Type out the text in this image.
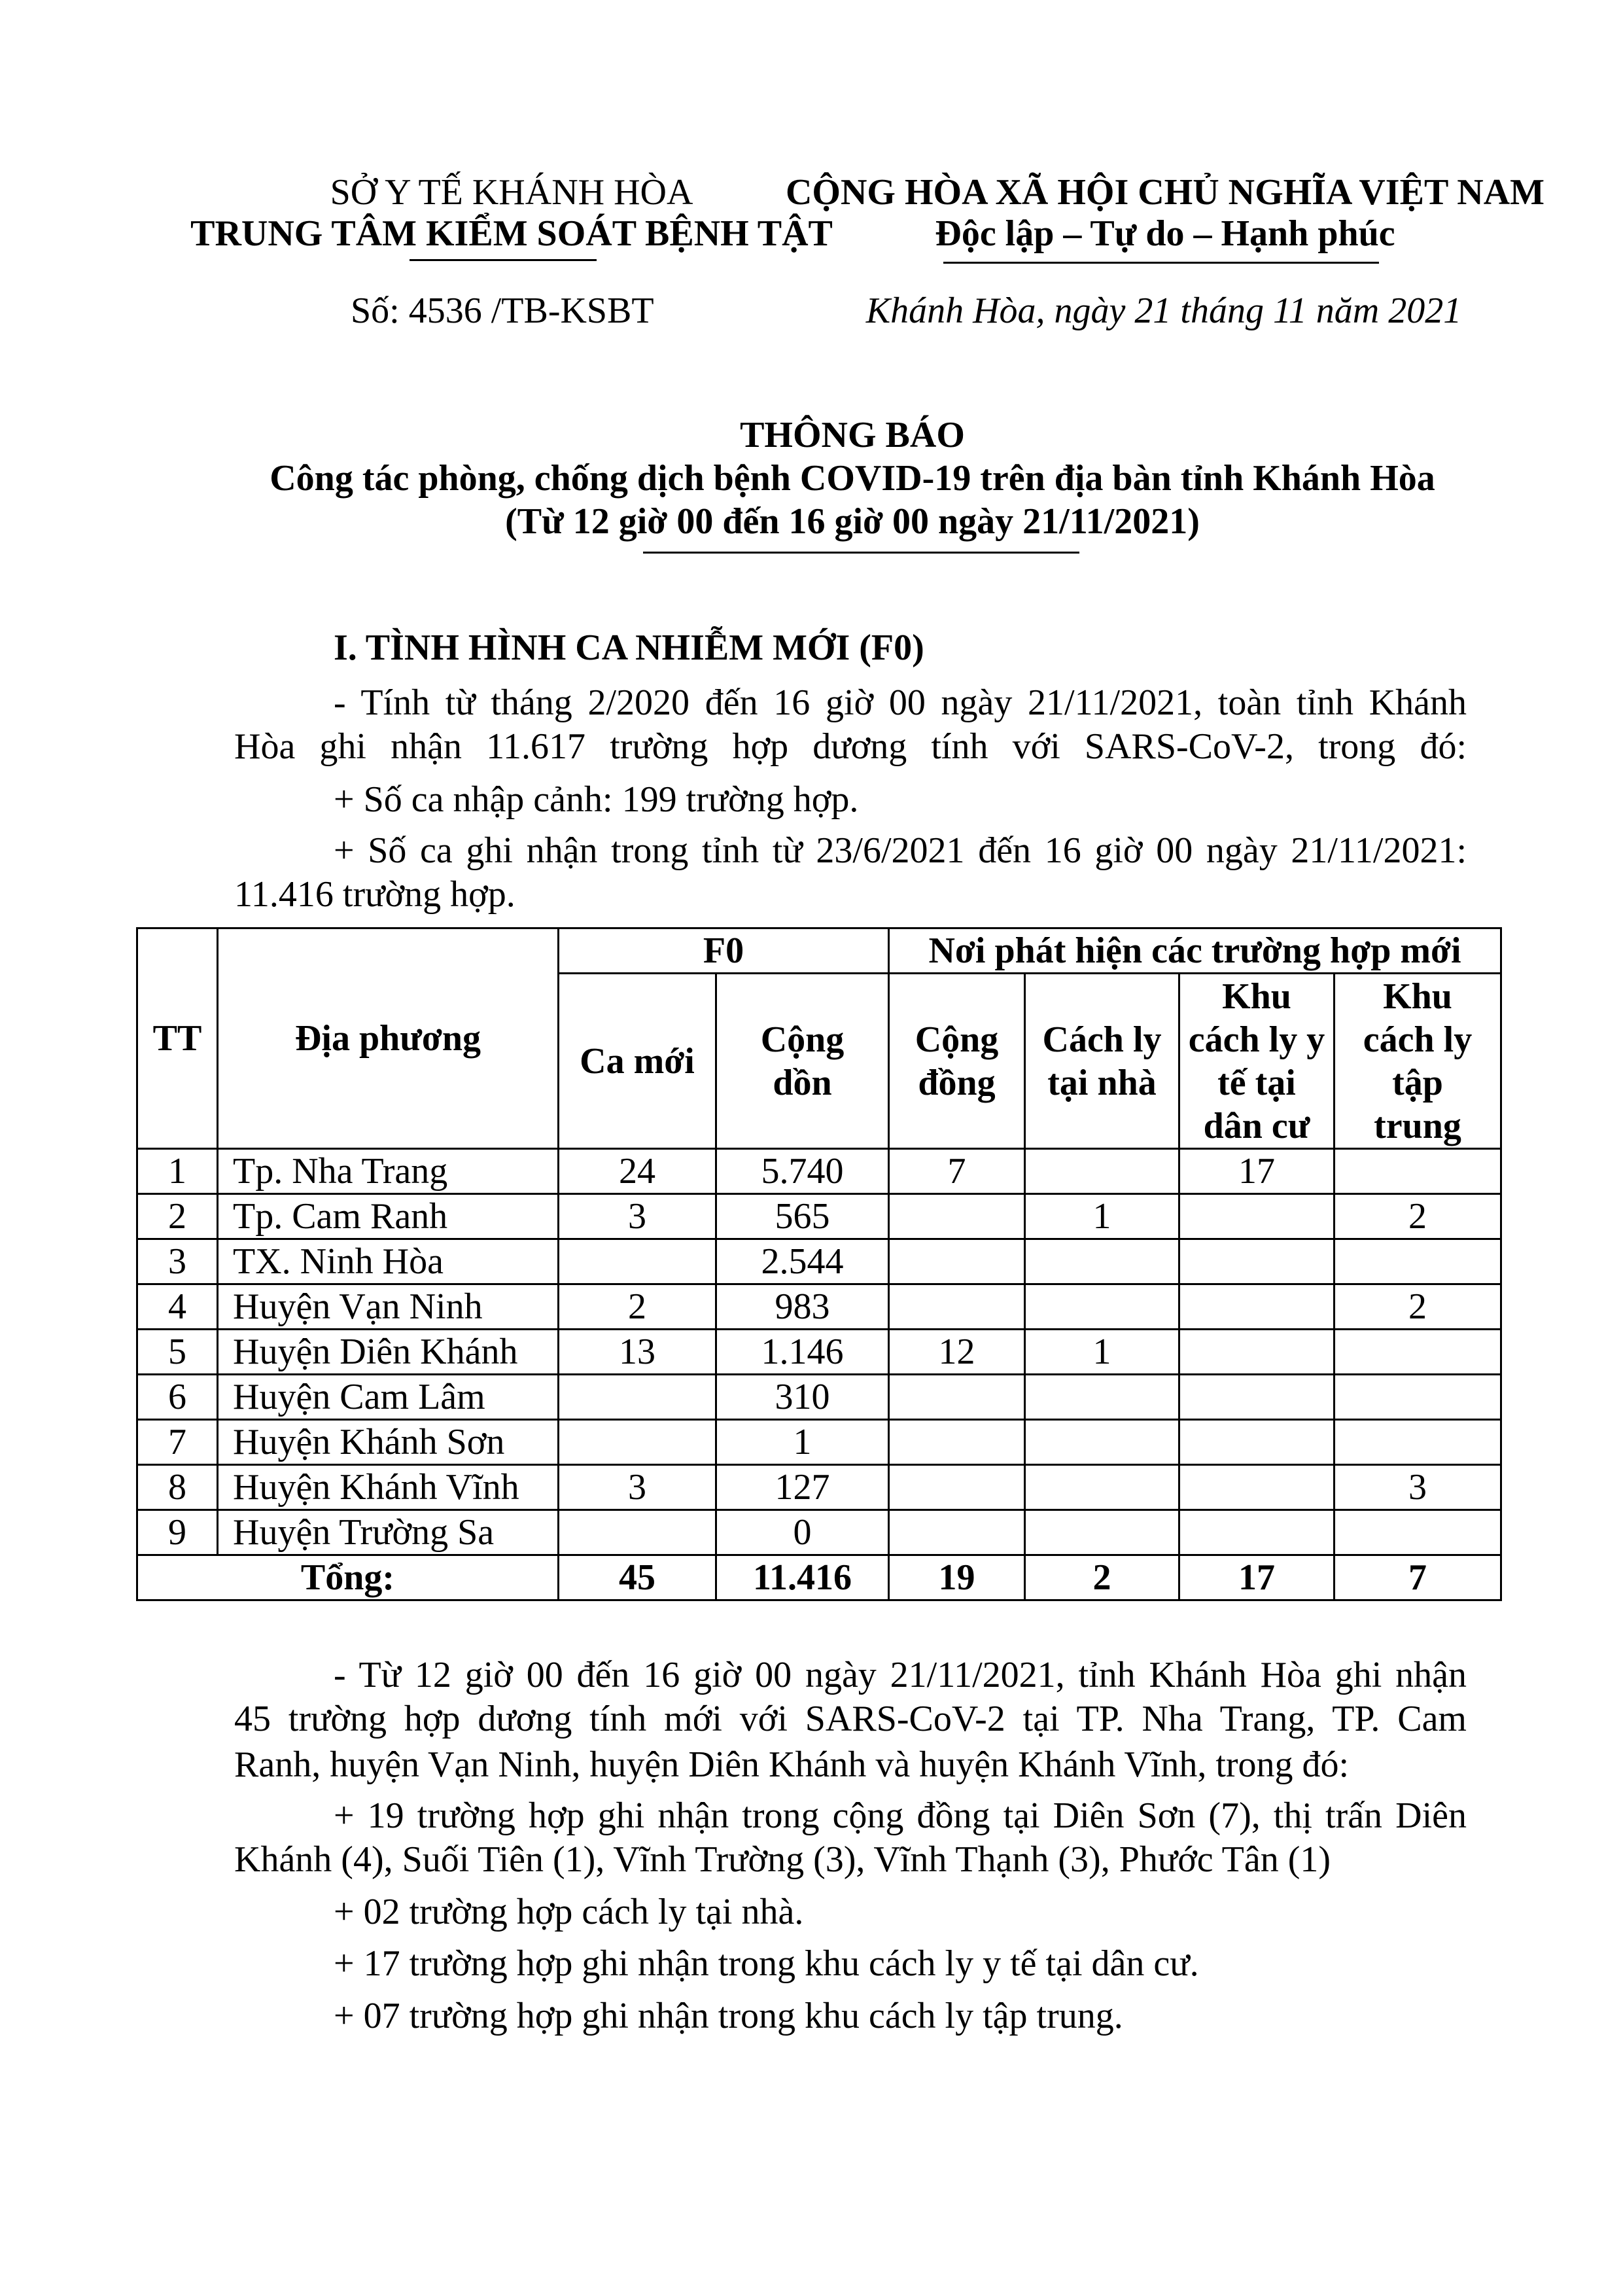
SỞ Y TẾ KHÁNH HÒA
TRUNG TÂM KIỂM SOÁT BỆNH TẬT
Số: 4536 /TB-KSBT
CỘNG HÒA XÃ HỘI CHỦ NGHĨA VIỆT NAM
Độc lập – Tự do – Hạnh phúc
Khánh Hòa, ngày 21 tháng 11 năm 2021
THÔNG BÁO
Công tác phòng, chống dịch bệnh COVID-19 trên địa bàn tỉnh Khánh Hòa
(Từ 12 giờ 00 đến 16 giờ 00 ngày 21/11/2021)
I. TÌNH HÌNH CA NHIỄM MỚI (F0)
- Tính từ tháng 2/2020 đến 16 giờ 00 ngày 21/11/2021, toàn tỉnh Khánh
Hòa ghi nhận 11.617 trường hợp dương tính với SARS-CoV-2, trong đó:
+ Số ca nhập cảnh: 199 trường hợp.
+ Số ca ghi nhận trong tỉnh từ 23/6/2021 đến 16 giờ 00 ngày 21/11/2021:
11.416 trường hợp.
TT	Địa phương	F0		Nơi phát hiện các trường hợp mới			
		Ca mới	Cộng dồn	Cộng đồng	Cách ly tại nhà	Khu cách ly y tế tại dân cư	Khu cách ly tập trung
1	Tp. Nha Trang	24	5.740	7		17	
2	Tp. Cam Ranh	3	565		1		2
3	TX. Ninh Hòa		2.544				
4	Huyện Vạn Ninh	2	983				2
5	Huyện Diên Khánh	13	1.146	12	1		
6	Huyện Cam Lâm		310				
7	Huyện Khánh Sơn		1				
8	Huyện Khánh Vĩnh	3	127				3
9	Huyện Trường Sa		0				
Tổng:		45	11.416	19	2	17	7
- Từ 12 giờ 00 đến 16 giờ 00 ngày 21/11/2021, tỉnh Khánh Hòa ghi nhận
45 trường hợp dương tính mới với SARS-CoV-2 tại TP. Nha Trang, TP. Cam
Ranh, huyện Vạn Ninh, huyện Diên Khánh và huyện Khánh Vĩnh, trong đó:
+ 19 trường hợp ghi nhận trong cộng đồng tại Diên Sơn (7), thị trấn Diên
Khánh (4), Suối Tiên (1), Vĩnh Trường (3), Vĩnh Thạnh (3), Phước Tân (1)
+ 02 trường hợp cách ly tại nhà.
+ 17 trường hợp ghi nhận trong khu cách ly y tế tại dân cư.
+ 07 trường hợp ghi nhận trong khu cách ly tập trung.
